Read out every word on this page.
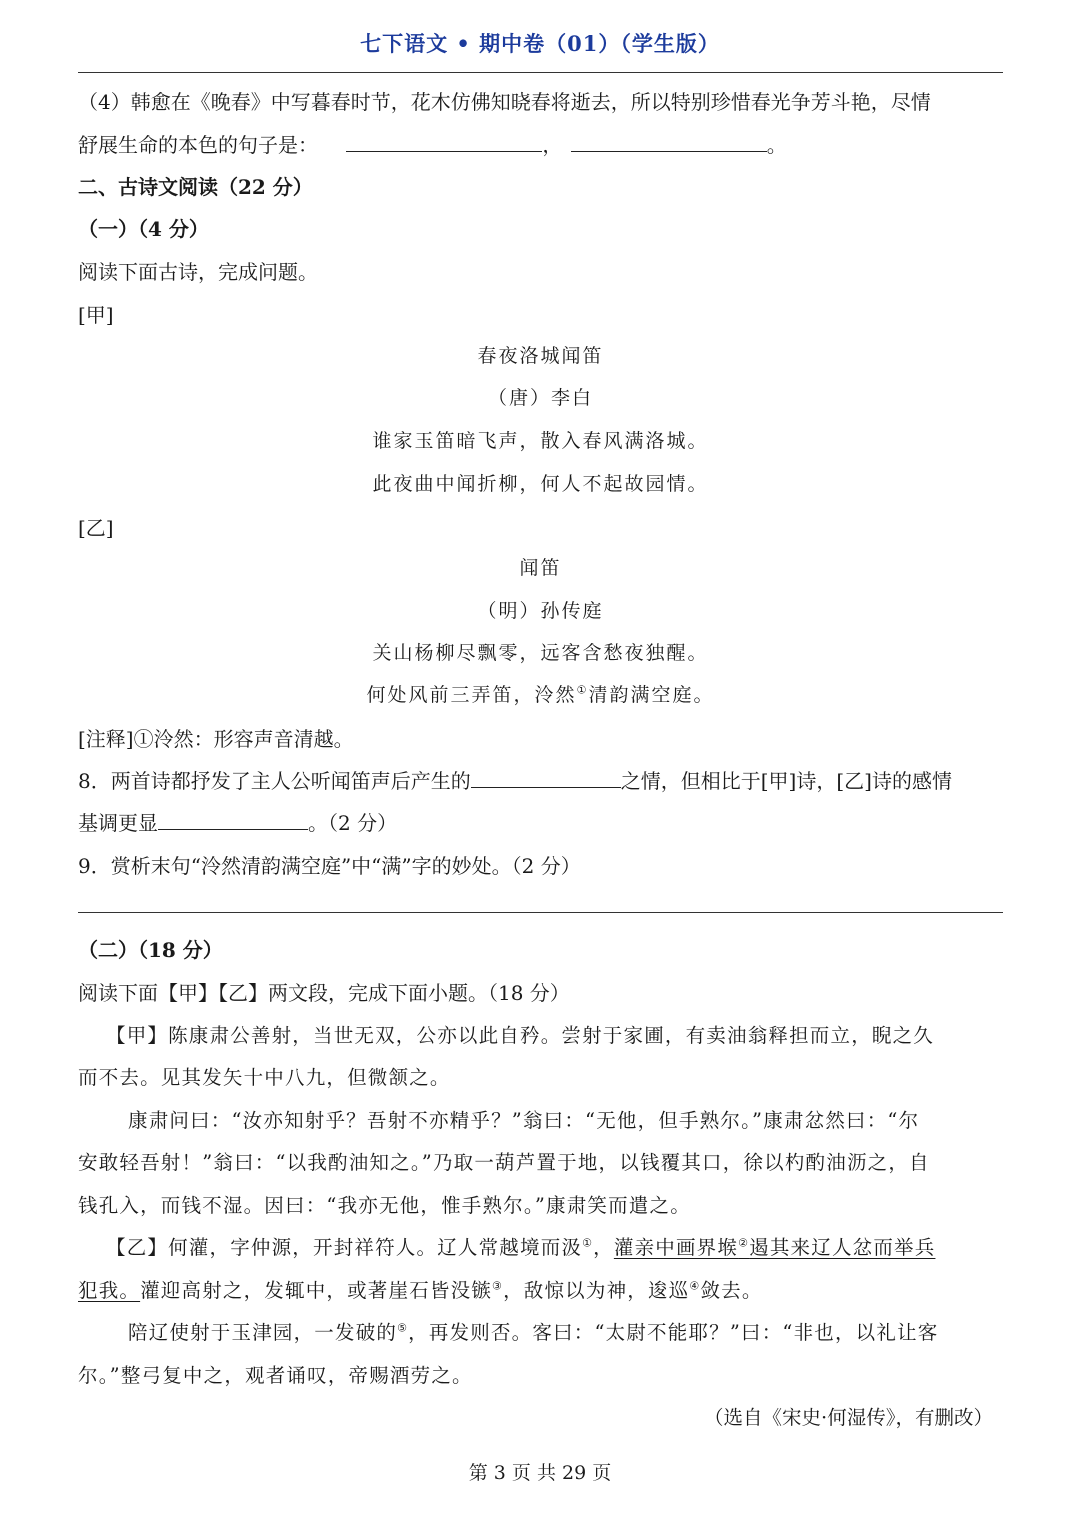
七下语文 • 期中卷（01）（学生版）
（4）韩愈在《晚春》中写暮春时节，花木仿佛知晓春将逝去，所以特别珍惜春光争芳斗艳，尽情
舒展生命的本色的句子是：	，	。
二、古诗文阅读（22 分）
（一）（4 分）
阅读下面古诗，完成问题。
[甲]
春夜洛城闻笛
（唐）李白
谁家玉笛暗飞声，散入春风满洛城。
此夜曲中闻折柳，何人不起故园情。
[乙]
闻笛
（明）孙传庭
关山杨柳尽飘零，远客含愁夜独醒。
何处风前三弄笛，泠然①清韵满空庭。
[注释]①泠然：形容声音清越。
8．两首诗都抒发了主人公听闻笛声后产生的	之情，但相比于[甲]诗，[乙]诗的感情
基调更显	。（2 分）
9．赏析末句“泠然清韵满空庭”中“满”字的妙处。（2 分）
（二）（18 分）
阅读下面【甲】【乙】两文段，完成下面小题。（18 分）
【甲】陈康肃公善射，当世无双，公亦以此自矜。尝射于家圃，有卖油翁释担而立，睨之久
而不去。见其发矢十中八九，但微颔之。
康肃问曰：“汝亦知射乎？吾射不亦精乎？”翁曰：“无他，但手熟尔。”康肃忿然曰：“尔
安敢轻吾射！”翁曰：“以我酌油知之。”乃取一葫芦置于地，以钱覆其口，徐以杓酌油沥之，自
钱孔入，而钱不湿。因曰：“我亦无他，惟手熟尔。”康肃笑而遣之。
【乙】何灌，字仲源，开封祥符人。辽人常越境而汲①，灌亲中画界堠②遏其来辽人忿而举兵
犯我。灌迎高射之，发辄中，或著崖石皆没镞③，敌惊以为神，逡巡④敛去。
陪辽使射于玉津园，一发破的⑤，再发则否。客曰：“太尉不能耶？”曰：“非也，以礼让客
尔。”整弓复中之，观者诵叹，帝赐酒劳之。
（选自《宋史·何湿传》，有删改）
第 3 页 共 29 页
